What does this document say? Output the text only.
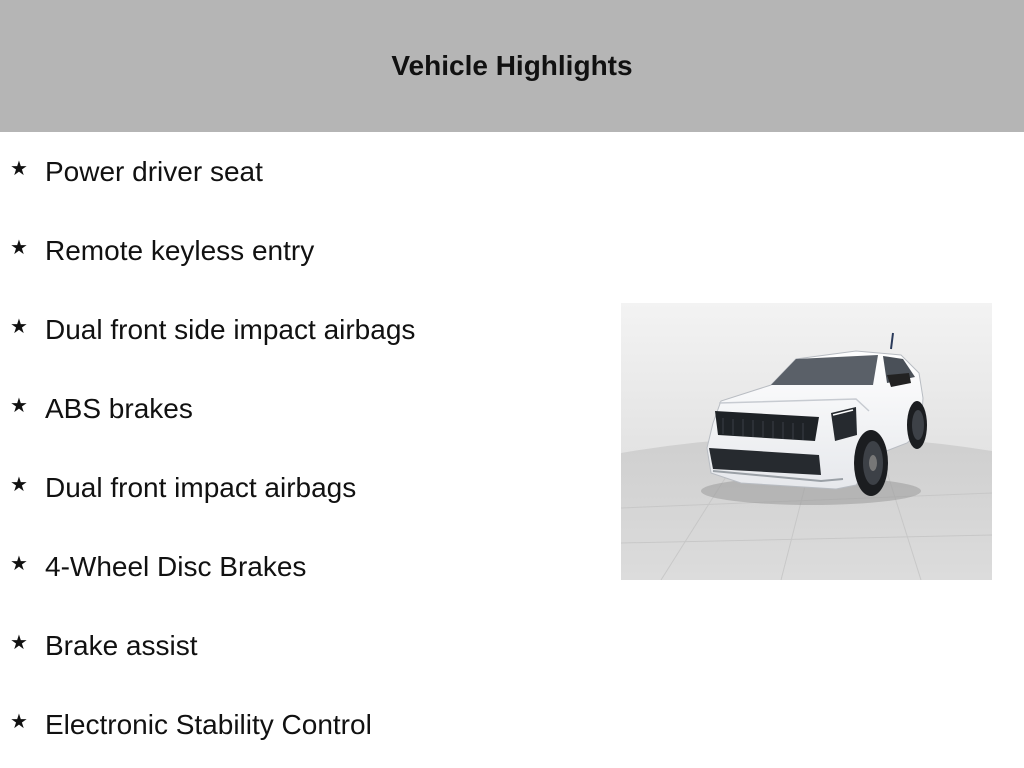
Vehicle Highlights
★ Power driver seat
★ Remote keyless entry
★ Dual front side impact airbags
★ ABS brakes
★ Dual front impact airbags
★ 4-Wheel Disc Brakes
★ Brake assist
★ Electronic Stability Control
